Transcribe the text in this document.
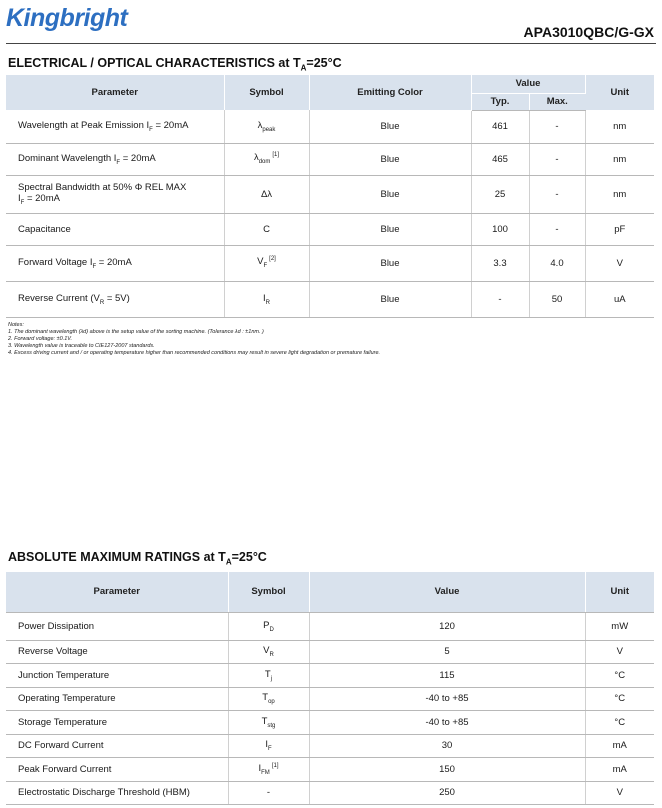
Kingbright	APA3010QBC/G-GX
ELECTRICAL / OPTICAL CHARACTERISTICS at $T_A=25^\circ C$
Parameter	Symbol	Emitting Color	Value		Unit
			Typ.	Max.	
Wavelength at Peak Emission $I_F = 20mA$	$\lambda_{peak}$	Blue	461	-	nm
Dominant Wavelength $I_F = 20mA$	$\lambda_{dom}[1]$	Blue	465	-	nm
Spectral Bandwidth at 50% Φ REL MAX
$I_F = 20mA$	Δλ	Blue	25	-	nm
Capacitance	C	Blue	100	-	pF
Forward Voltage $I_F = 20mA$	$V_F[2]$	Blue	3.3	4.0	V
Reverse Current $(V_R = 5V)$	$I_R$	Blue	-	50	uA
Notes:
1. The dominant wavelength (λd) above is the setup value of the sorting machine. (Tolerance λd : ±1nm. )
2. Forward voltage: ±0.1V.
3. Wavelength value is traceable to CIE127-2007 standards.
4. Excess driving current and / or operating temperature higher than recommended conditions may result in severe light degradation or premature failure.
ABSOLUTE MAXIMUM RATINGS at $T_A=25^\circ C$
Parameter	Symbol	Value	Unit
Power Dissipation	$P_D$	120	mW
Reverse Voltage	$V_R$	5	V
Junction Temperature	$T_j$	115	°C
Operating Temperature	$T_{op}$	-40 to +85	°C
Storage Temperature	$T_{stg}$	-40 to +85	°C
DC Forward Current	$I_F$	30	mA
Peak Forward Current	$I_{FM}[1]$	150	mA
Electrostatic Discharge Threshold (HBM)	-	250	V
